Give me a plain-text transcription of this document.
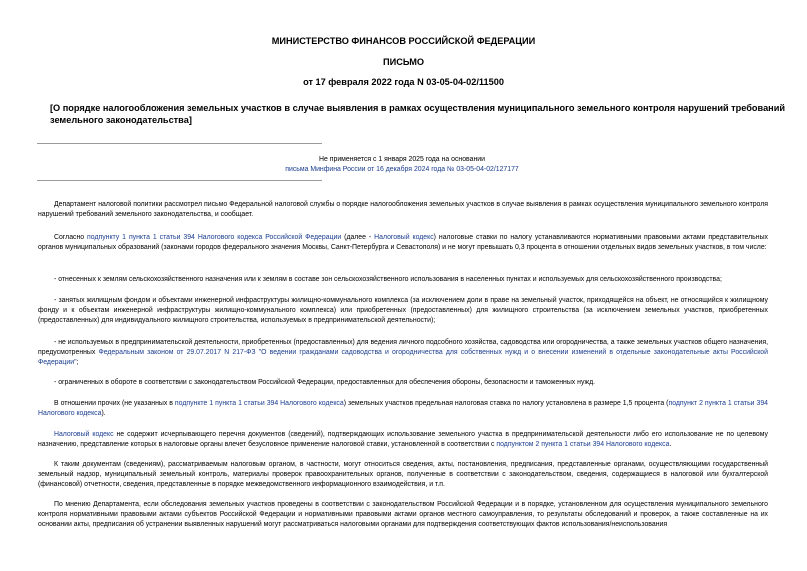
МИНИСТЕРСТВО ФИНАНСОВ РОССИЙСКОЙ ФЕДЕРАЦИИ
ПИСЬМО
от 17 февраля 2022 года N 03-05-04-02/11500
[О порядке налогообложения земельных участков в случае выявления в рамках осуществления муниципального земельного контроля нарушений требований земельного законодательства]
Не применяется с 1 января 2025 года на основании
письма Минфина России от 16 декабря 2024 года № 03-05-04-02/127177
Департамент налоговой политики рассмотрел письмо Федеральной налоговой службы о порядке налогообложения земельных участков в случае выявления в рамках осуществления муниципального земельного контроля нарушений требований земельного законодательства, и сообщает.
Согласно подпункту 1 пункта 1 статьи 394 Налогового кодекса Российской Федерации (далее - Налоговый кодекс) налоговые ставки по налогу устанавливаются нормативными правовыми актами представительных органов муниципальных образований (законами городов федерального значения Москвы, Санкт-Петербурга и Севастополя) и не могут превышать 0,3 процента в отношении отдельных видов земельных участков, в том числе:
- отнесенных к землям сельскохозяйственного назначения или к землям в составе зон сельскохозяйственного использования в населенных пунктах и используемых для сельскохозяйственного производства;
- занятых жилищным фондом и объектами инженерной инфраструктуры жилищно-коммунального комплекса (за исключением доли в праве на земельный участок, приходящейся на объект, не относящийся к жилищному фонду и к объектам инженерной инфраструктуры жилищно-коммунального комплекса) или приобретенных (предоставленных) для жилищного строительства (за исключением земельных участков, приобретенных (предоставленных) для индивидуального жилищного строительства, используемых в предпринимательской деятельности);
- не используемых в предпринимательской деятельности, приобретенных (предоставленных) для ведения личного подсобного хозяйства, садоводства или огородничества, а также земельных участков общего назначения, предусмотренных Федеральным законом от 29.07.2017 N 217-ФЗ "О ведении гражданами садоводства и огородничества для собственных нужд и о внесении изменений в отдельные законодательные акты Российской Федерации";
- ограниченных в обороте в соответствии с законодательством Российской Федерации, предоставленных для обеспечения обороны, безопасности и таможенных нужд.
В отношении прочих (не указанных в подпункте 1 пункта 1 статьи 394 Налогового кодекса) земельных участков предельная налоговая ставка по налогу установлена в размере 1,5 процента (подпункт 2 пункта 1 статьи 394 Налогового кодекса).
Налоговый кодекс не содержит исчерпывающего перечня документов (сведений), подтверждающих использование земельного участка в предпринимательской деятельности либо его использование не по целевому назначению, представление которых в налоговые органы влечет безусловное применение налоговой ставки, установленной в соответствии с подпунктом 2 пункта 1 статьи 394 Налогового кодекса.
К таким документам (сведениям), рассматриваемым налоговым органом, в частности, могут относиться сведения, акты, постановления, предписания, представленные органами, осуществляющими государственный земельный надзор, муниципальный земельный контроль, материалы проверок правоохранительных органов, полученные в соответствии с законодательством, сведения, содержащиеся в налоговой или бухгалтерской (финансовой) отчетности, сведения, представленные в порядке межведомственного информационного взаимодействия, и т.п.
По мнению Департамента, если обследования земельных участков проведены в соответствии с законодательством Российской Федерации и в порядке, установленном для осуществления муниципального земельного контроля нормативными правовыми актами субъектов Российской Федерации и нормативными правовыми актами органов местного самоуправления, то результаты обследований и проверок, а также составленные на их основании акты, предписания об устранении выявленных нарушений могут рассматриваться налоговыми органами для подтверждения соответствующих фактов использования/неиспользования
